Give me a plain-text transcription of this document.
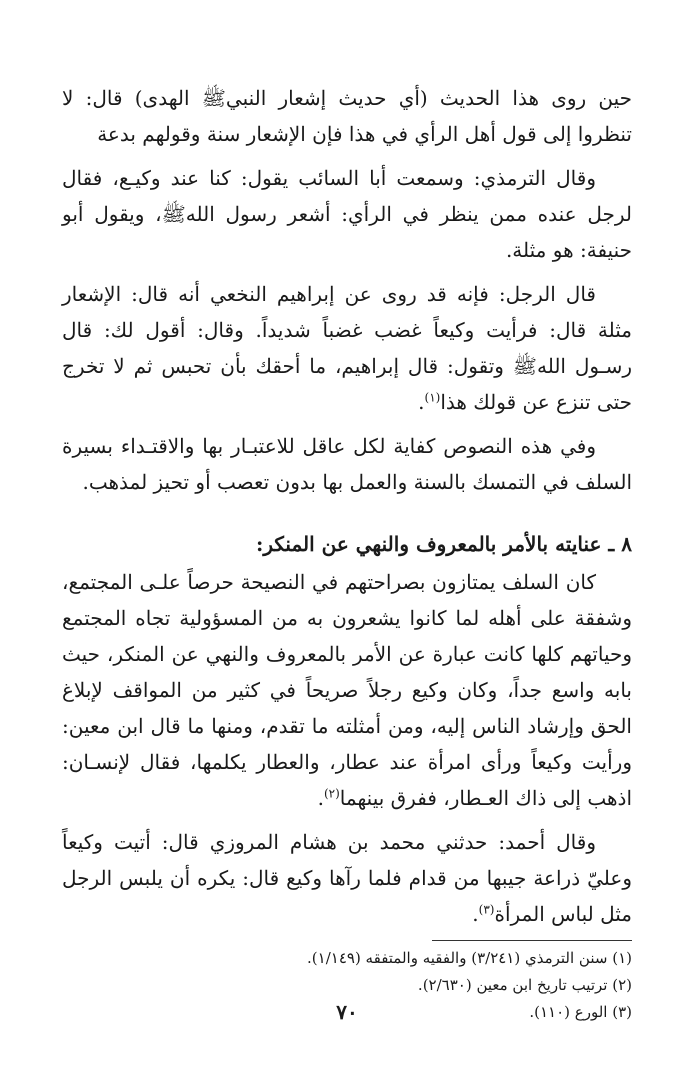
حين روى هذا الحديث (أي حديث إشعار النبيﷺ الهدى) قال: لا تنظروا إلى قول أهل الرأي في هذا فإن الإشعار سنة وقولهم بدعة

وقال الترمذي: وسمعت أبا السائب يقول: كنا عند وكيـع، فقال لرجل عنده ممن ينظر في الرأي: أشعر رسول اللهﷺ، ويقول أبو حنيفة: هو مثلة.

قال الرجل: فإنه قد روى عن إبراهيم النخعي أنه قال: الإشعار مثلة قال: فرأيت وكيعاً غضب غضباً شديداً. وقال: أقول لك: قال رسـول اللهﷺ وتقول: قال إبراهيم، ما أحقك بأن تحبس ثم لا تخرج حتى تنزع عن قولك هذا$^{(١)}$.

وفي هذه النصوص كفاية لكل عاقل للاعتبـار بها والاقتـداء بسيرة السلف في التمسك بالسنة والعمل بها بدون تعصب أو تحيز لمذهب.

٨ ـ عنايته بالأمر بالمعروف والنهي عن المنكر:

كان السلف يمتازون بصراحتهم في النصيحة حرصاً علـى المجتمع، وشفقة على أهله لما كانوا يشعرون به من المسؤولية تجاه المجتمع وحياتهم كلها كانت عبارة عن الأمر بالمعروف والنهي عن المنكر، حيث بابه واسع جداً، وكان وكيع رجلاً صريحاً في كثير من المواقف لإبلاغ الحق وإرشاد الناس إليه، ومن أمثلته ما تقدم، ومنها ما قال ابن معين: ورأيت وكيعاً ورأى امرأة عند عطار، والعطار يكلمها، فقال لإنسـان: اذهب إلى ذاك العـطار، ففرق بينهما$^{(٢)}$.

وقال أحمد: حدثني محمد بن هشام المروزي قال: أتيت وكيعاً وعليّ ذراعة جيبها من قدام فلما رآها وكيع قال: يكره أن يلبس الرجل مثل لباس المرأة$^{(٣)}$.

(١) سنن الترمذي (٣/٢٤١) والفقيه والمتفقه (١/١٤٩).
(٢) ترتيب تاريخ ابن معين (٢/٦٣٠).
(٣) الورع (١١٠).
٧٠
